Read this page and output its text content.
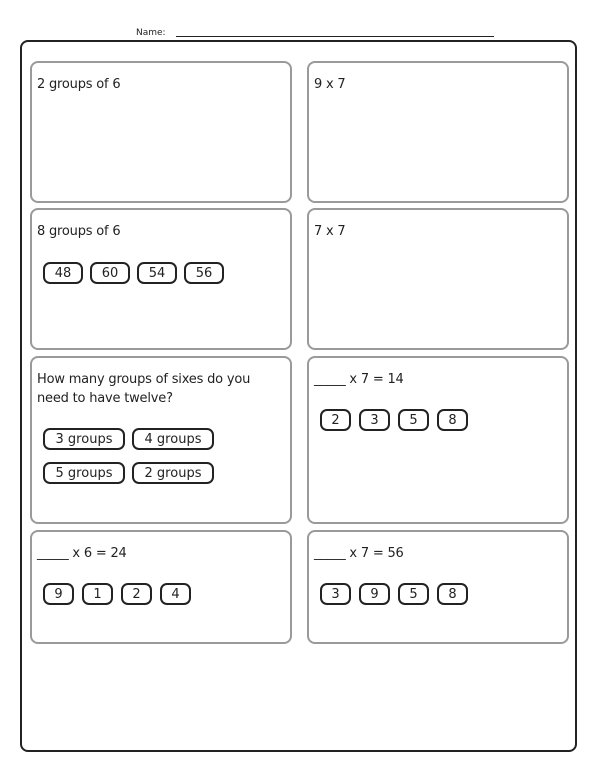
Name:
2 groups of 6	9 x 7
8 groups of 6
48	60	54	56
7 x 7
How many groups of sixes do you
need to have twelve?
3 groups	4 groups
5 groups	2 groups
_____ x 7 = 14
2	3	5	8
_____ x 6 = 24
9	1	2	4
_____ x 7 = 56
3	9	5	8
